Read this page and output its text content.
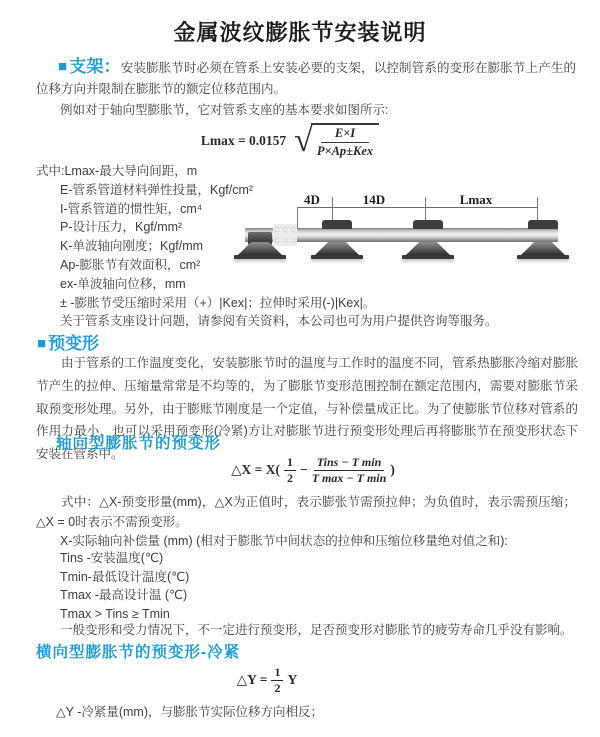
金属波纹膨胀节安装说明
■ 支架：安装膨胀节时必须在管系上安装必要的支架，以控制管系的变形在膨胀节上产生的位移方向并限制在膨胀节的额定位移范围内。
例如对于轴向型膨胀节，它对管系支座的基本要求如图所示:
Lmax = 0.0157 √
$\frac{E\times I}{\text{P×Ap±Kex}}$
式中:Lmax-最大导向间距，m
E-管系管道材料弹性投量，Kgf/cm²
I-管系管道的惯性矩，cm⁴
P-设计压力，Kgf/mm²
K-单波轴向刚度；Kgf/mm
Ap-膨胀节有效面积，cm²
ex-单波轴向位移，mm
± -膨胀节受压缩时采用（+）|Kex|；拉伸时采用(-)|Kex|。
关于管系支座设计问题，请参阅有关资料，本公司也可为用户提供咨询等服务。
4D	14D	Lmax
■ 预变形
由于管系的工作温度变化，安装膨胀节时的温度与工作时的温度不同，管系热膨胀冷缩对膨胀节产生的拉伸、压缩量常常是不均等的，为了膨胀节变形范围控制在额定范围内，需要对膨胀节采取预变形处理。另外，由于膨账节刚度是一个定值，与补偿量成正比。为了使膨胀节位移对管系的作用力最小，也可以采用预变形(冷紧)方让对膨胀节进行预变形处理后再将膨胀节在预变形状态下安装在管系中。
轴向型膨胀节的预变形
△X = $X( \frac{1}{2} - \frac{\text{Tins − T min}}{\text{T max − T min}}$ )
式中：△X-预变形量(mm)，△X为正值时，表示膨张节需预拉伸；为负值时，表示需预压缩；△X = 0时表示不需预变形。
X-实际轴向补偿量 (mm) (相对于膨胀节中间状态的拉伸和压缩位移量绝对值之和):
Tins -安装温度(℃)
Tmin-最低设计温度(℃)
Tmax -最高设计温 (℃)
Tmax > Tins ≥ Tmin
一般变形和受力情况下，不一定进行预变形，足否预变形对膨胀节的疲劳寿命几乎没有影响。
横向型膨胀节的预变形-冷紧
△Y = $\frac{1}{2}$ Y
△Y -冷紧量(mm)，与膨胀节实际位移方向相反；
